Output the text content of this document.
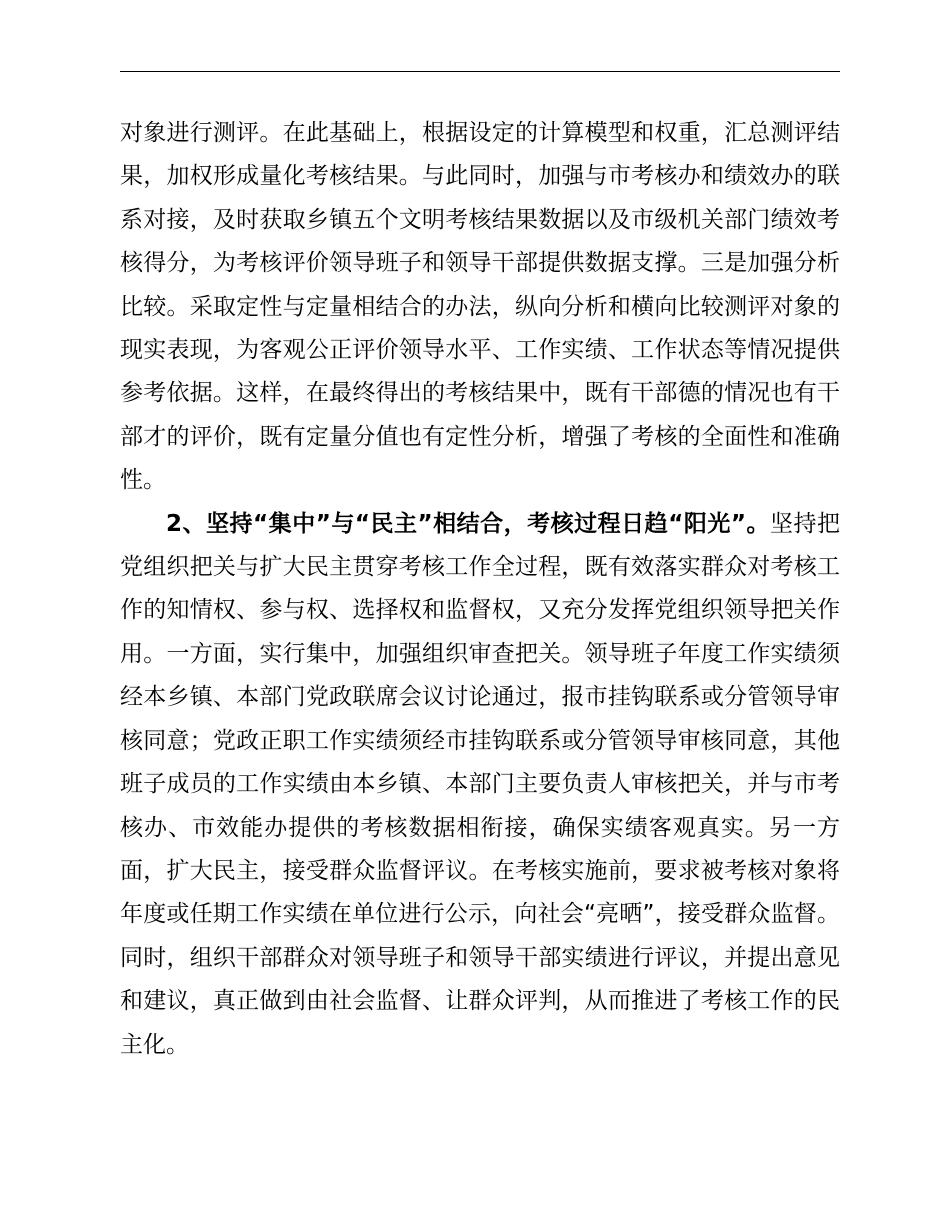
对象进行测评。在此基础上，根据设定的计算模型和权重，汇总测评结果，加权形成量化考核结果。与此同时，加强与市考核办和绩效办的联系对接，及时获取乡镇五个文明考核结果数据以及市级机关部门绩效考核得分，为考核评价领导班子和领导干部提供数据支撑。三是加强分析比较。采取定性与定量相结合的办法，纵向分析和横向比较测评对象的现实表现，为客观公正评价领导水平、工作实绩、工作状态等情况提供参考依据。这样，在最终得出的考核结果中，既有干部德的情况也有干部才的评价，既有定量分值也有定性分析，增强了考核的全面性和准确性。

2、坚持“集中”与“民主”相结合，考核过程日趋“阳光”。坚持把党组织把关与扩大民主贯穿考核工作全过程，既有效落实群众对考核工作的知情权、参与权、选择权和监督权，又充分发挥党组织领导把关作用。一方面，实行集中，加强组织审查把关。领导班子年度工作实绩须经本乡镇、本部门党政联席会议讨论通过，报市挂钩联系或分管领导审核同意；党政正职工作实绩须经市挂钩联系或分管领导审核同意，其他班子成员的工作实绩由本乡镇、本部门主要负责人审核把关，并与市考核办、市效能办提供的考核数据相衔接，确保实绩客观真实。另一方面，扩大民主，接受群众监督评议。在考核实施前，要求被考核对象将年度或任期工作实绩在单位进行公示，向社会“亮晒”，接受群众监督。同时，组织干部群众对领导班子和领导干部实绩进行评议，并提出意见和建议，真正做到由社会监督、让群众评判，从而推进了考核工作的民主化。
